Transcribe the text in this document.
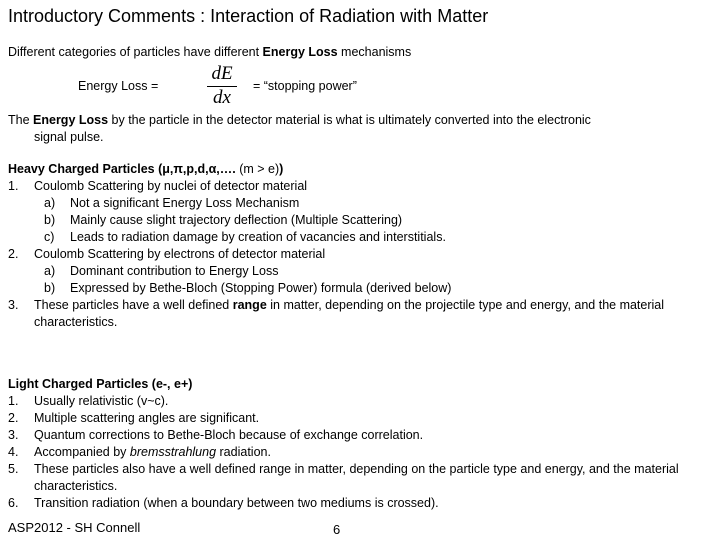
Introductory Comments : Interaction of Radiation with Matter
Different categories of particles have different Energy Loss mechanisms
Energy Loss =
dE
dx
= “stopping power”
The Energy Loss by the particle in the detector material is what is ultimately converted into the electronic
signal pulse.
Heavy Charged Particles (μ,π,p,d,α,…. (m > e))
1.	Coulomb Scattering by nuclei of detector material
a)	Not a significant Energy Loss Mechanism
b)	Mainly cause slight trajectory deflection (Multiple Scattering)
c)	Leads to radiation damage by creation of vacancies and interstitials.
2.	Coulomb Scattering by electrons of detector material
a)	Dominant contribution to Energy Loss
b)	Expressed by Bethe-Bloch (Stopping Power) formula (derived below)
3.	These particles have a well defined range in matter, depending on the projectile type and energy, and the material characteristics.
Light Charged Particles (e-, e+)
1.	Usually relativistic (v~c).
2.	Multiple scattering angles are significant.
3.	Quantum corrections to Bethe-Bloch because of exchange correlation.
4.	Accompanied by bremsstrahlung radiation.
5.	These particles also have a well defined range in matter, depending on the particle type and energy, and the material characteristics.
6.	Transition radiation (when a boundary between two mediums is crossed).
ASP2012 - SH Connell	6
